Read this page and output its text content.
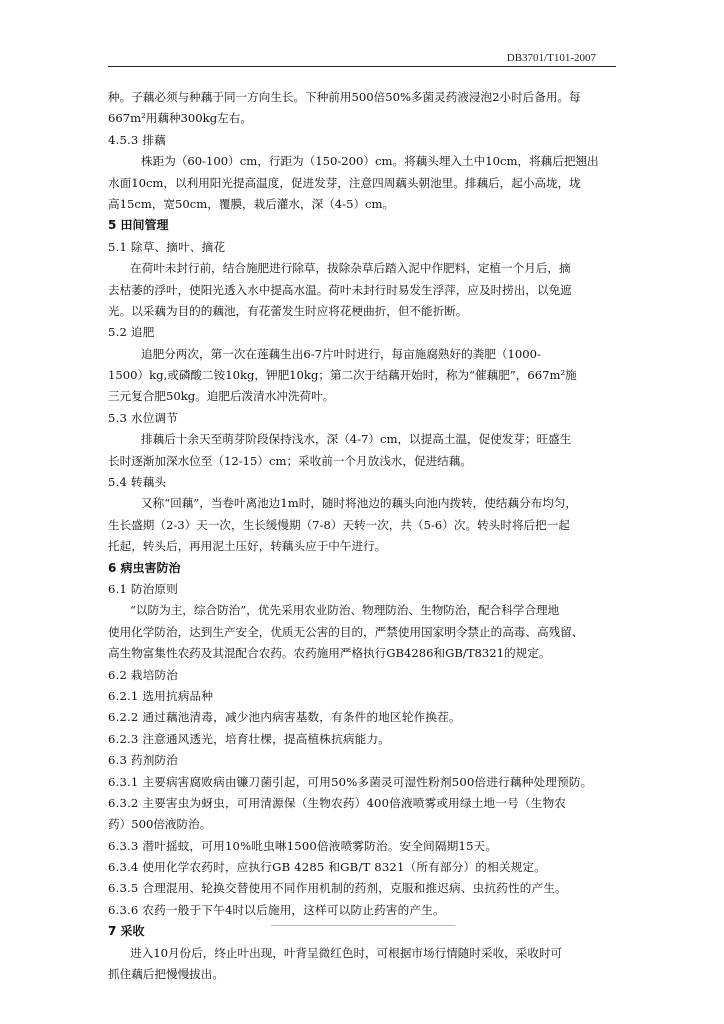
DB3701/T101-2007
种。子藕必须与种藕于同一方向生长。下种前用500倍50%多菌灵药液浸泡2小时后备用。每
667m²用藕种300kg左右。
4.5.3 排藕
株距为（60-100）cm，行距为（150-200）cm。将藕头埋入土中10cm，将藕后把翘出
水面10cm，以利用阳光提高温度，促进发芽，注意四周藕头朝池里。排藕后，起小高垅，垅
高15cm，宽50cm，覆膜，栽后灌水，深（4-5）cm。
5 田间管理
5.1 除草、摘叶、摘花
在荷叶未封行前，结合施肥进行除草，拔除杂草后踏入泥中作肥料，定植一个月后，摘
去枯萎的浮叶，使阳光透入水中提高水温。荷叶未封行时易发生浮萍，应及时捞出，以免遮
光。以采藕为目的的藕池，有花蕾发生时应将花梗曲折，但不能折断。
5.2 追肥
追肥分两次，第一次在莲藕生出6-7片叶时进行，每亩施腐熟好的粪肥（1000-
1500）kg,或磷酸二铵10kg，钾肥10kg；第二次于结藕开始时，称为“催藕肥”，667m²施
三元复合肥50kg。追肥后泼清水冲洗荷叶。
5.3 水位调节
排藕后十余天至萌芽阶段保持浅水，深（4-7）cm，以提高土温，促使发芽；旺盛生
长时逐渐加深水位至（12-15）cm；采收前一个月放浅水，促进结藕。
5.4 转藕头
又称“回藕”，当卷叶离池边1m时，随时将池边的藕头向池内拨转，使结藕分布均匀，
生长盛期（2-3）天一次，生长缓慢期（7-8）天转一次，共（5-6）次。转头时将后把一起
托起，转头后，再用泥土压好，转藕头应于中午进行。
6 病虫害防治
6.1 防治原则
“以防为主，综合防治”，优先采用农业防治、物理防治、生物防治，配合科学合理地
使用化学防治，达到生产安全，优质无公害的目的，严禁使用国家明令禁止的高毒、高残留、
高生物富集性农药及其混配合农药。农药施用严格执行GB4286和GB/T8321的规定。
6.2 栽培防治
6.2.1 选用抗病品种
6.2.2 通过藕池清毒，减少池内病害基数，有条件的地区轮作换茬。
6.2.3 注意通风透光，培育壮棵，提高植株抗病能力。
6.3 药剂防治
6.3.1 主要病害腐败病由镰刀菌引起，可用50%多菌灵可湿性粉剂500倍进行藕种处理预防。
6.3.2 主要害虫为蚜虫，可用清源保（生物农药）400倍液喷雾或用绿土地一号（生物农
药）500倍液防治。
6.3.3 潜叶摇蚊，可用10%吡虫啉1500倍液喷雾防治。安全间隔期15天。
6.3.4 使用化学农药时，应执行GB 4285 和GB/T 8321（所有部分）的相关规定。
6.3.5 合理混用、轮换交替使用不同作用机制的药剂，克服和推迟病、虫抗药性的产生。
6.3.6 农药一般于下午4时以后施用，这样可以防止药害的产生。
7 采收
进入10月份后，终止叶出现，叶背呈微红色时，可根据市场行情随时采收，采收时可
抓住藕后把慢慢拔出。
